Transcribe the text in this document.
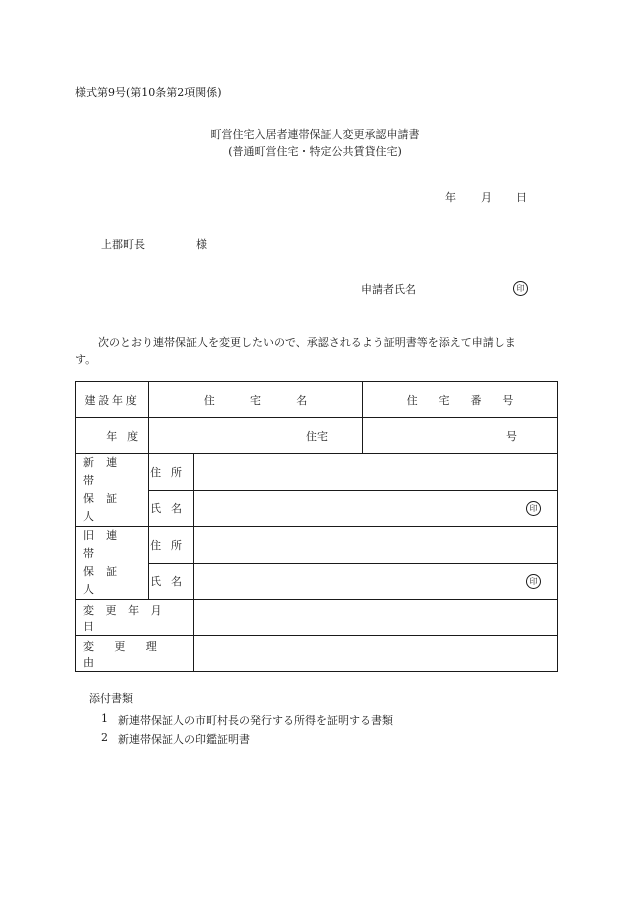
様式第9号(第10条第2項関係)
町営住宅入居者連帯保証人変更承認申請書
(普通町営住宅・特定公共賃貸住宅)
年 月 日
上郡町長	様
申請者氏名	印
次のとおり連帯保証人を変更したいので、承認されるよう証明書等を添えて申請しま
す。
建設年度	住宅名		住宅番号
年度	住宅		号

新連帯
保証人	住所		
	氏名	印	

旧連帯
保証人	住所		
	氏名	印	

変更年月日			
変更理由			
添付書類
1 新連帯保証人の市町村長の発行する所得を証明する書類
2 新連帯保証人の印鑑証明書
